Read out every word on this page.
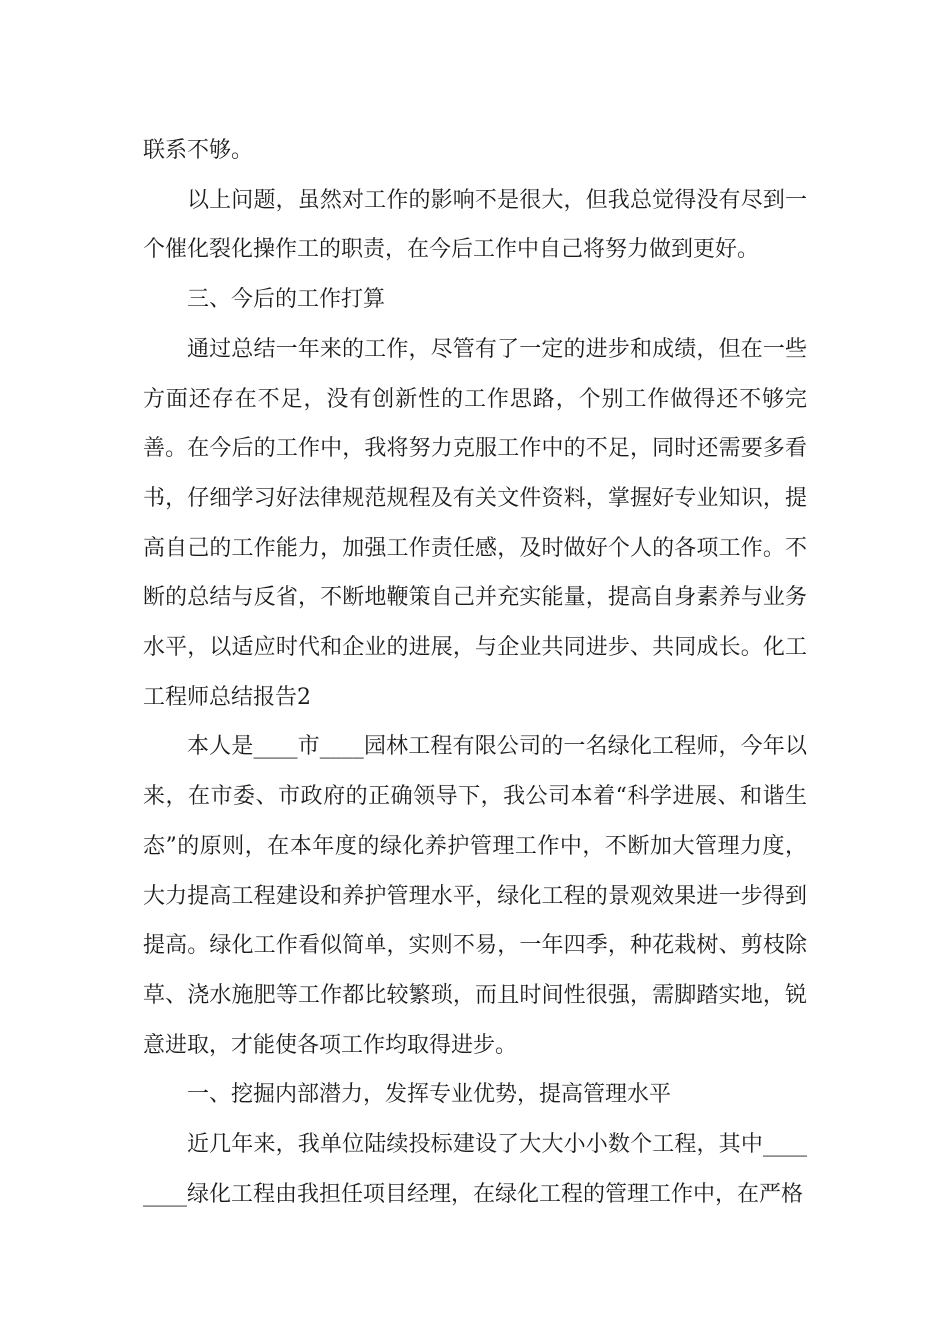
联系不够。

以上问题，虽然对工作的影响不是很大，但我总觉得没有尽到一个催化裂化操作工的职责，在今后工作中自己将努力做到更好。

三、今后的工作打算

通过总结一年来的工作，尽管有了一定的进步和成绩，但在一些方面还存在不足，没有创新性的工作思路，个别工作做得还不够完善。在今后的工作中，我将努力克服工作中的不足，同时还需要多看书，仔细学习好法律规范规程及有关文件资料，掌握好专业知识，提高自己的工作能力，加强工作责任感，及时做好个人的各项工作。不断的总结与反省，不断地鞭策自己并充实能量，提高自身素养与业务水平，以适应时代和企业的进展，与企业共同进步、共同成长。化工工程师总结报告2

本人是____市____园林工程有限公司的一名绿化工程师，今年以来，在市委、市政府的正确领导下，我公司本着“科学进展、和谐生态”的原则，在本年度的绿化养护管理工作中，不断加大管理力度，大力提高工程建设和养护管理水平，绿化工程的景观效果进一步得到提高。绿化工作看似简单，实则不易，一年四季，种花栽树、剪枝除草、浇水施肥等工作都比较繁琐，而且时间性很强，需脚踏实地，锐意进取，才能使各项工作均取得进步。

一、挖掘内部潜力，发挥专业优势，提高管理水平

近几年来，我单位陆续投标建设了大大小小数个工程，其中________绿化工程由我担任项目经理，在绿化工程的管理工作中，在严格
